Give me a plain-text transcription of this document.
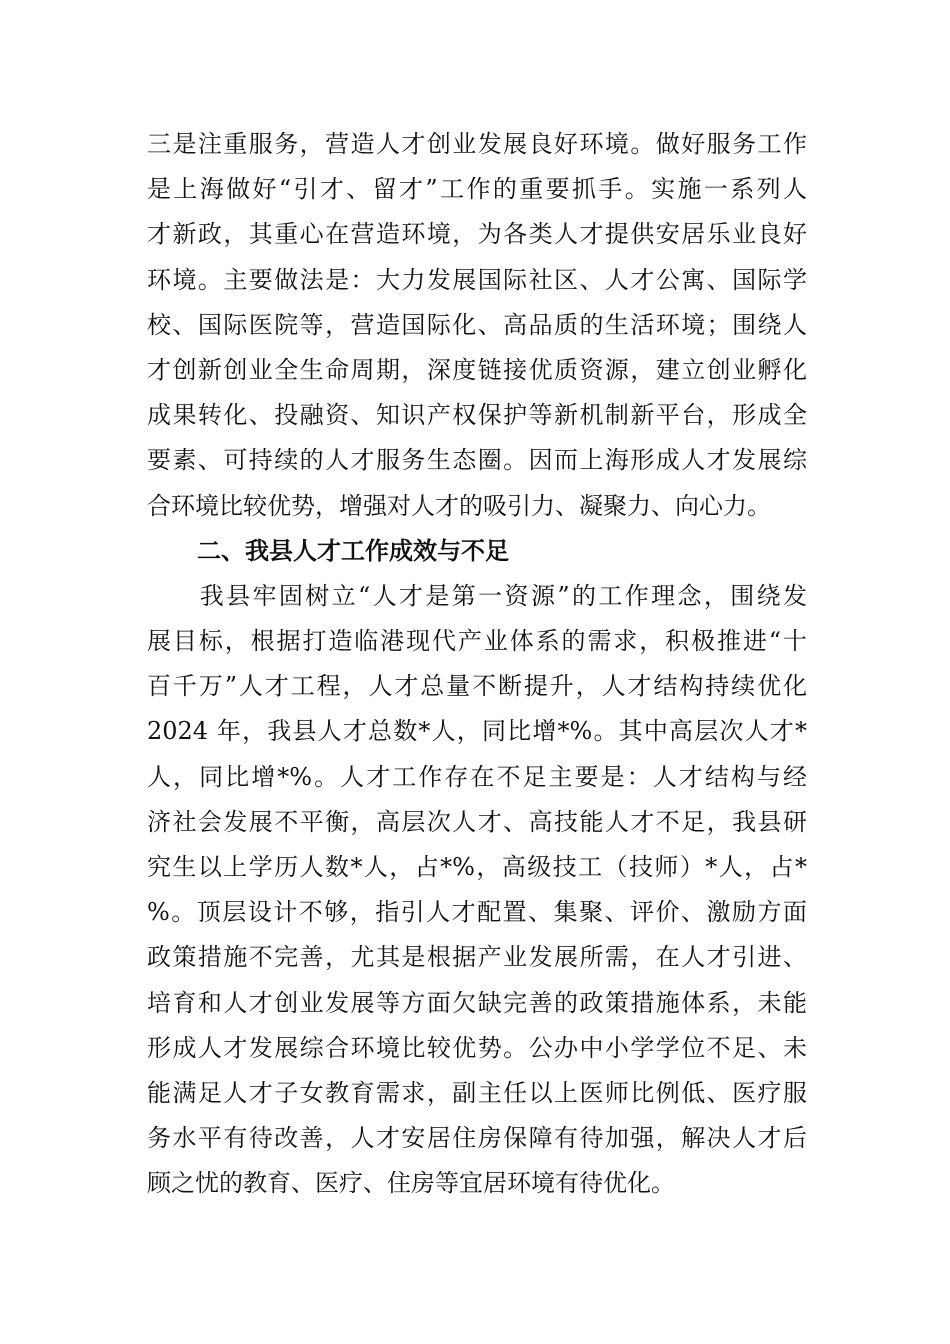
三是注重服务，营造人才创业发展良好环境。做好服务工作
是上海做好“引才、留才”工作的重要抓手。实施一系列人
才新政，其重心在营造环境，为各类人才提供安居乐业良好
环境。主要做法是：大力发展国际社区、人才公寓、国际学
校、国际医院等，营造国际化、高品质的生活环境；围绕人
才创新创业全生命周期，深度链接优质资源，建立创业孵化
成果转化、投融资、知识产权保护等新机制新平台，形成全
要素、可持续的人才服务生态圈。因而上海形成人才发展综
合环境比较优势，增强对人才的吸引力、凝聚力、向心力。
二、我县人才工作成效与不足
　　我县牢固树立“人才是第一资源”的工作理念，围绕发
展目标，根据打造临港现代产业体系的需求，积极推进“十
百千万”人才工程，人才总量不断提升，人才结构持续优化
2024 年，我县人才总数*人，同比增*%。其中高层次人才*
人，同比增*%。人才工作存在不足主要是：人才结构与经
济社会发展不平衡，高层次人才、高技能人才不足，我县研
究生以上学历人数*人，占*%，高级技工（技师）*人，占*
%。顶层设计不够，指引人才配置、集聚、评价、激励方面
政策措施不完善，尤其是根据产业发展所需，在人才引进、
培育和人才创业发展等方面欠缺完善的政策措施体系，未能
形成人才发展综合环境比较优势。公办中小学学位不足、未
能满足人才子女教育需求，副主任以上医师比例低、医疗服
务水平有待改善，人才安居住房保障有待加强，解决人才后
顾之忧的教育、医疗、住房等宜居环境有待优化。
